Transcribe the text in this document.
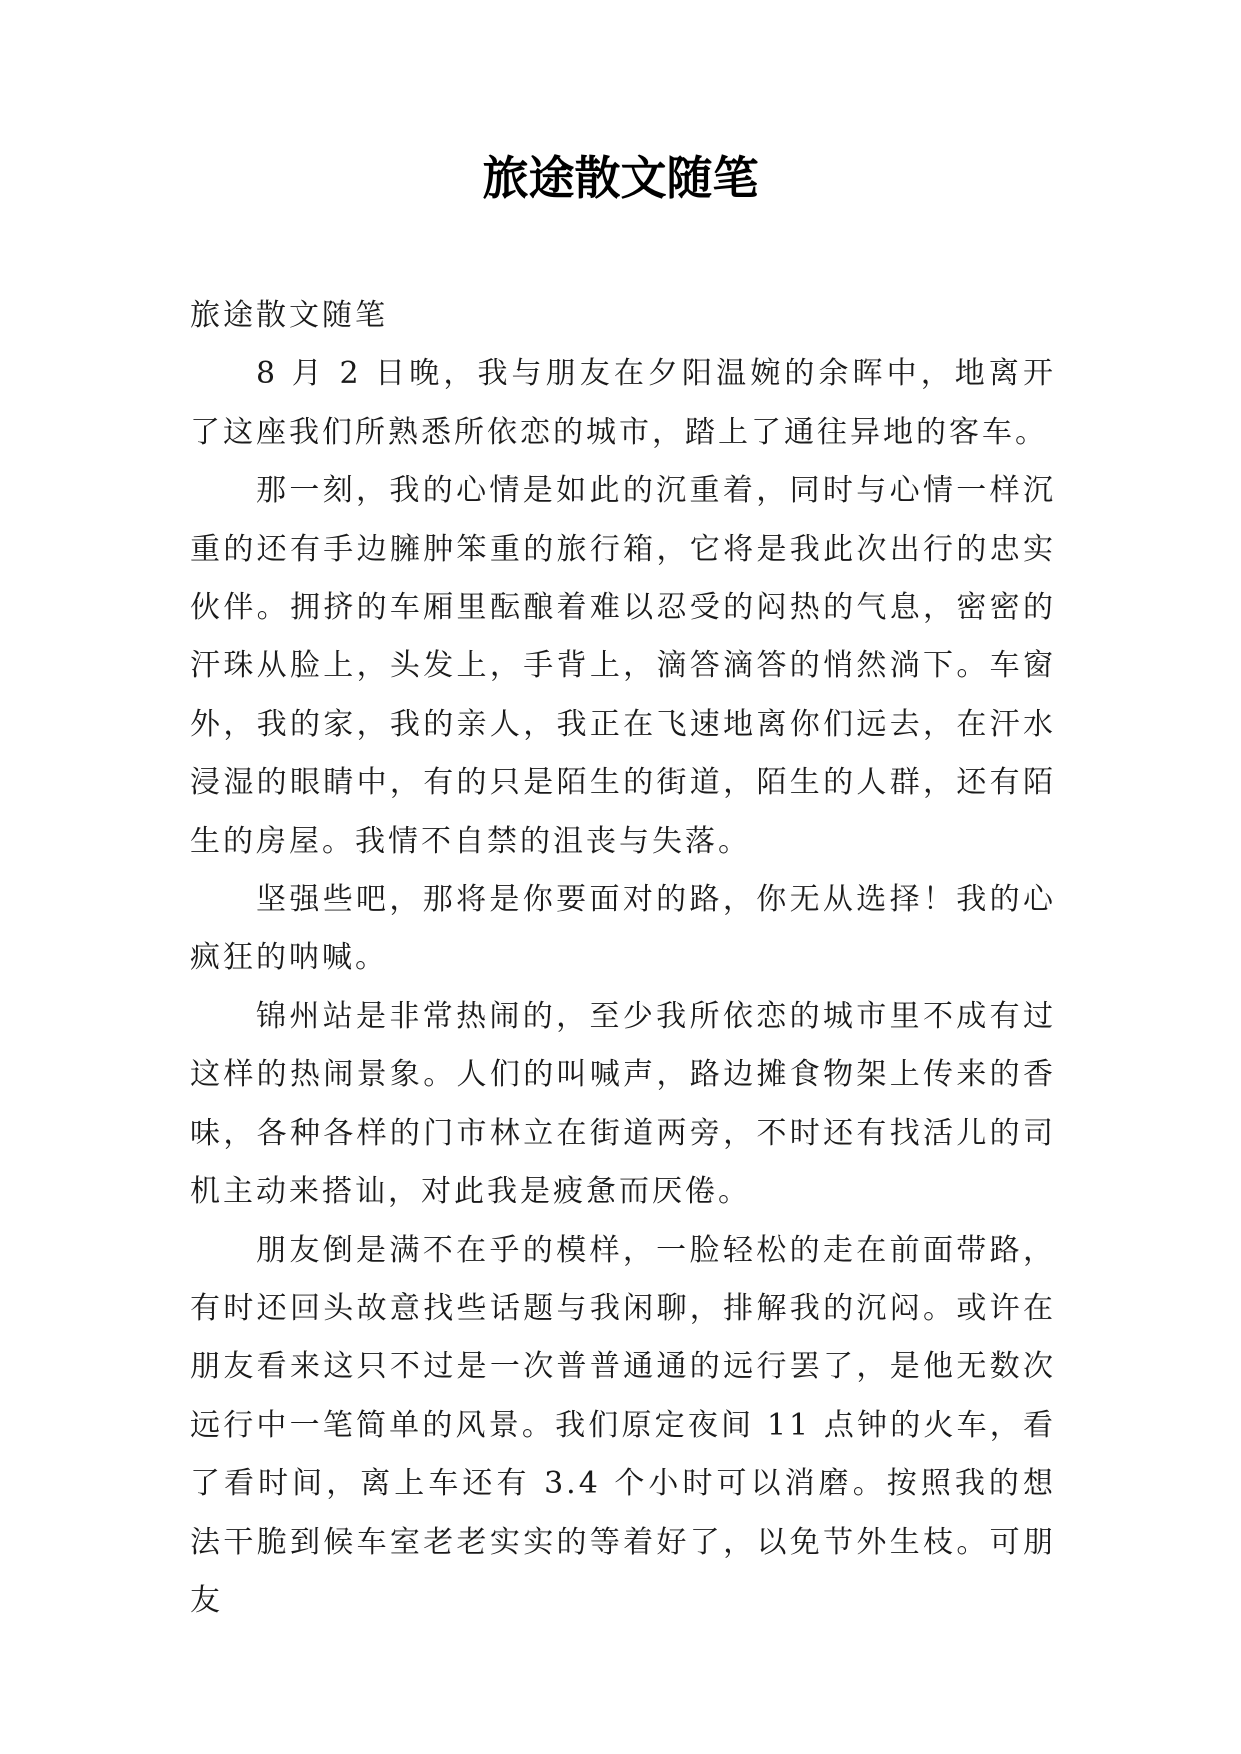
旅途散文随笔

旅途散文随笔

8 月 2 日晚，我与朋友在夕阳温婉的余晖中，地离开了这座我们所熟悉所依恋的城市，踏上了通往异地的客车。

那一刻，我的心情是如此的沉重着，同时与心情一样沉重的还有手边臃肿笨重的旅行箱，它将是我此次出行的忠实伙伴。拥挤的车厢里酝酿着难以忍受的闷热的气息，密密的汗珠从脸上，头发上，手背上，滴答滴答的悄然淌下。车窗外，我的家，我的亲人，我正在飞速地离你们远去，在汗水浸湿的眼睛中，有的只是陌生的街道，陌生的人群，还有陌生的房屋。我情不自禁的沮丧与失落。

坚强些吧，那将是你要面对的路，你无从选择！我的心疯狂的呐喊。

锦州站是非常热闹的，至少我所依恋的城市里不成有过这样的热闹景象。人们的叫喊声，路边摊食物架上传来的香味，各种各样的门市林立在街道两旁，不时还有找活儿的司机主动来搭讪，对此我是疲惫而厌倦。

朋友倒是满不在乎的模样，一脸轻松的走在前面带路，有时还回头故意找些话题与我闲聊，排解我的沉闷。或许在朋友看来这只不过是一次普普通通的远行罢了，是他无数次远行中一笔简单的风景。我们原定夜间 11 点钟的火车，看了看时间，离上车还有 3.4 个小时可以消磨。按照我的想法干脆到候车室老老实实的等着好了，以免节外生枝。可朋友
